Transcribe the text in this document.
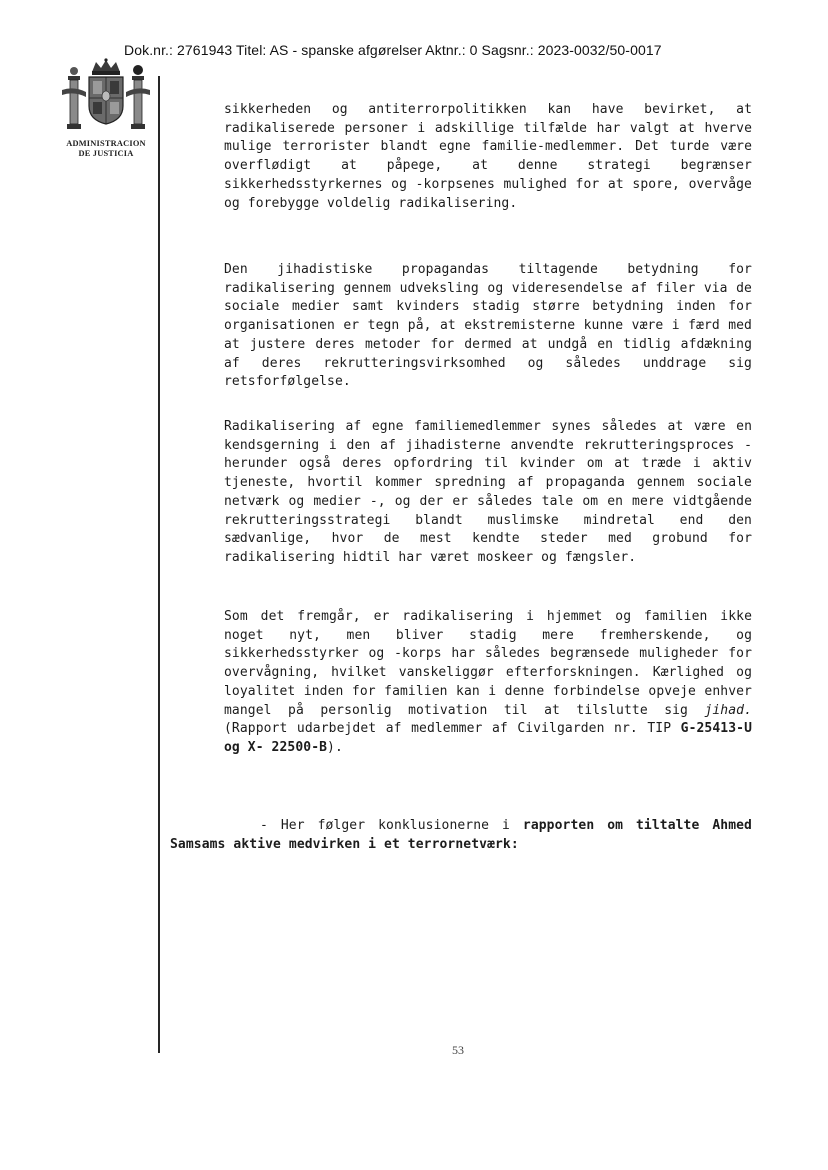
Dok.nr.: 2761943 Titel: AS - spanske afgørelser Aktnr.: 0 Sagsnr.: 2023-0032/50-0017
ADMINISTRACION
DE JUSTICIA

sikkerheden og antiterrorpolitikken kan have bevirket, at radikaliserede personer i adskillige tilfælde har valgt at hverve mulige terrorister blandt egne familie-medlemmer. Det turde være overflødigt at påpege, at denne strategi begrænser sikkerhedsstyrkernes og -korpsenes mulighed for at spore, overvåge og forebygge voldelig radikalisering.

Den jihadistiske propagandas tiltagende betydning for radikalisering gennem udveksling og videresendelse af filer via de sociale medier samt kvinders stadig større betydning inden for organisationen er tegn på, at ekstremisterne kunne være i færd med at justere deres metoder for dermed at undgå en tidlig afdækning af deres rekrutteringsvirksomhed og således unddrage sig retsforfølgelse.

Radikalisering af egne familiemedlemmer synes således at være en kendsgerning i den af jihadisterne anvendte rekrutteringsproces - herunder også deres opfordring til kvinder om at træde i aktiv tjeneste, hvortil kommer spredning af propaganda gennem sociale netværk og medier -, og der er således tale om en mere vidtgående rekrutteringsstrategi blandt muslimske mindretal end den sædvanlige, hvor de mest kendte steder med grobund for radikalisering hidtil har været moskeer og fængsler.

Som det fremgår, er radikalisering i hjemmet og familien ikke noget nyt, men bliver stadig mere fremherskende, og sikkerhedsstyrker og -korps har således begrænsede muligheder for overvågning, hvilket vanskeliggør efterforskningen. Kærlighed og loyalitet inden for familien kan i denne forbindelse opveje enhver mangel på personlig motivation til at tilslutte sig jihad. (Rapport udarbejdet af medlemmer af Civilgarden nr. TIP G-25413-U og X- 22500-B).

- Her følger konklusionerne i rapporten om tiltalte Ahmed Samsams aktive medvirken i et terrornetværk:

53
